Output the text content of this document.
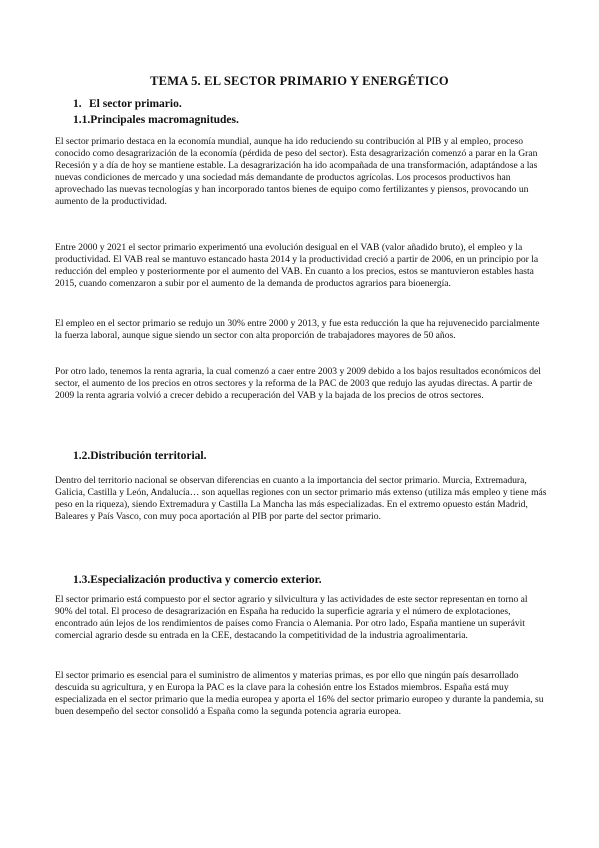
TEMA 5. EL SECTOR PRIMARIO Y ENERGÉTICO
1. El sector primario.
1.1.Principales macromagnitudes.
El sector primario destaca en la economía mundial, aunque ha ido reduciendo su contribución al PIB y al empleo, proceso conocido como desagrarización de la economía (pérdida de peso del sector). Esta desagrarización comenzó a parar en la Gran Recesión y a día de hoy se mantiene estable. La desagrarización ha ido acompañada de una transformación, adaptándose a las nuevas condiciones de mercado y una sociedad más demandante de productos agrícolas. Los procesos productivos han aprovechado las nuevas tecnologías y han incorporado tantos bienes de equipo como fertilizantes y piensos, provocando un aumento de la productividad.
Entre 2000 y 2021 el sector primario experimentó una evolución desigual en el VAB (valor añadido bruto), el empleo y la productividad. El VAB real se mantuvo estancado hasta 2014 y la productividad creció a partir de 2006, en un principio por la reducción del empleo y posteriormente por el aumento del VAB. En cuanto a los precios, estos se mantuvieron estables hasta 2015, cuando comenzaron a subir por el aumento de la demanda de productos agrarios para bioenergía.
El empleo en el sector primario se redujo un 30% entre 2000 y 2013, y fue esta reducción la que ha rejuvenecido parcialmente la fuerza laboral, aunque sigue siendo un sector con alta proporción de trabajadores mayores de 50 años.
Por otro lado, tenemos la renta agraria, la cual comenzó a caer entre 2003 y 2009 debido a los bajos resultados económicos del sector, el aumento de los precios en otros sectores y la reforma de la PAC de 2003 que redujo las ayudas directas. A partir de 2009 la renta agraria volvió a crecer debido a recuperación del VAB y la bajada de los precios de otros sectores.
1.2.Distribución territorial.
Dentro del territorio nacional se observan diferencias en cuanto a la importancia del sector primario. Murcia, Extremadura, Galicia, Castilla y León, Andalucía… son aquellas regiones con un sector primario más extenso (utiliza más empleo y tiene más peso en la riqueza), siendo Extremadura y Castilla La Mancha las más especializadas. En el extremo opuesto están Madrid, Baleares y País Vasco, con muy poca aportación al PIB por parte del sector primario.
1.3.Especialización productiva y comercio exterior.
El sector primario está compuesto por el sector agrario y silvicultura y las actividades de este sector representan en torno al 90% del total. El proceso de desagrarización en España ha reducido la superficie agraria y el número de explotaciones, encontrado aún lejos de los rendimientos de países como Francia o Alemania. Por otro lado, España mantiene un superávit comercial agrario desde su entrada en la CEE, destacando la competitividad de la industria agroalimentaria.
El sector primario es esencial para el suministro de alimentos y materias primas, es por ello que ningún país desarrollado descuida su agricultura, y en Europa la PAC es la clave para la cohesión entre los Estados miembros. España está muy especializada en el sector primario que la media europea y aporta el 16% del sector primario europeo y durante la pandemia, su buen desempeño del sector consolidó a España como la segunda potencia agraria europea.
